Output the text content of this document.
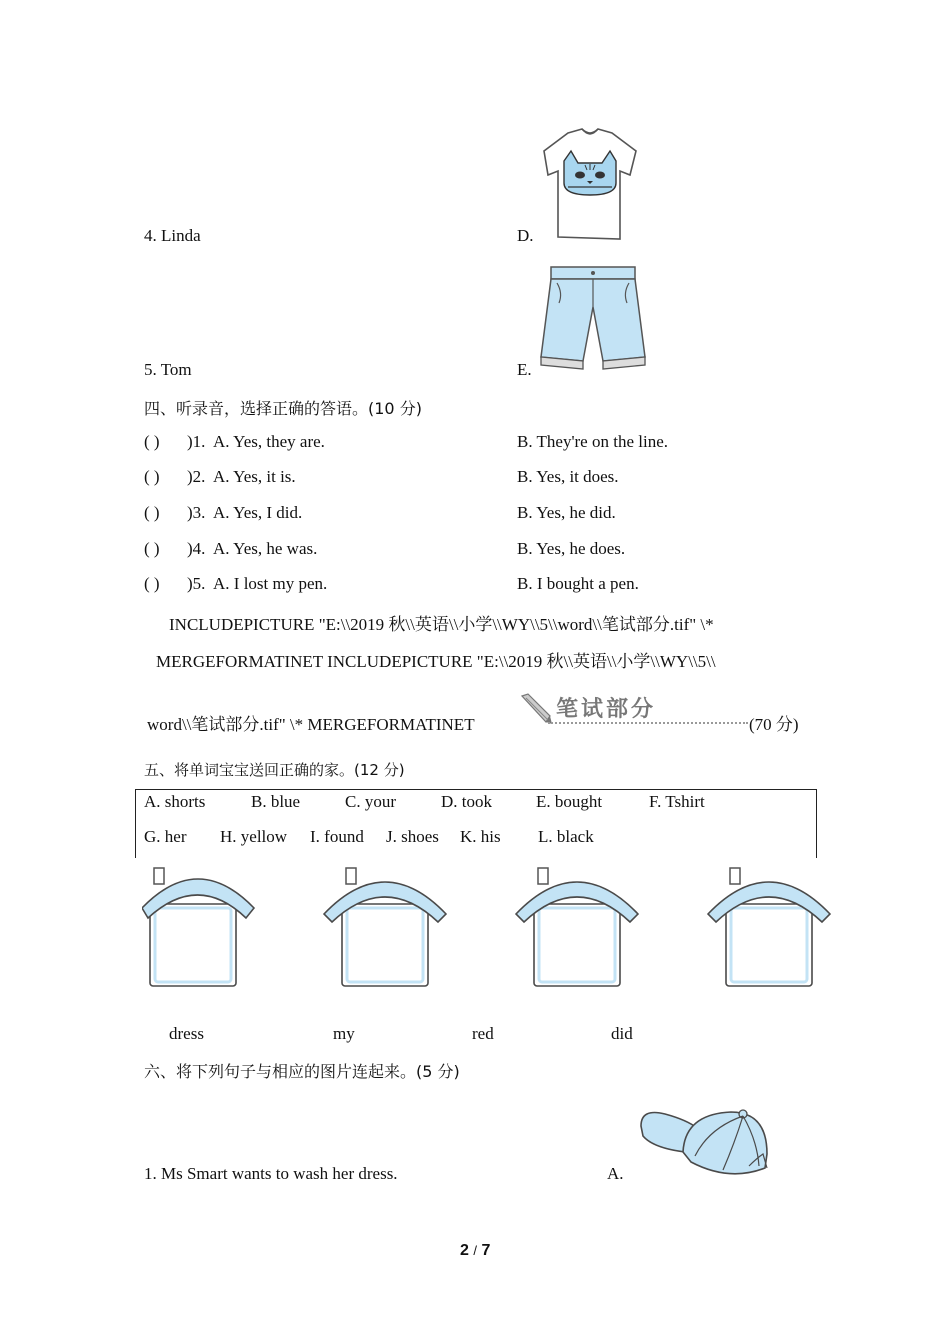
4. Linda	D.
5. Tom	E.
四、听录音，选择正确的答语。(10 分)
( ) )1. A. Yes, they are.	B. They're on the line.
( ) )2. A. Yes, it is.	B. Yes, it does.
( ) )3. A. Yes, I did.	B. Yes, he did.
( ) )4. A. Yes, he was.	B. Yes, he does.
( ) )5. A. I lost my pen.	B. I bought a pen.
INCLUDEPICTURE "E:\\2019 秋\\英语\\小学\\WY\\5\\word\\笔试部分.tif" \*
MERGEFORMATINET INCLUDEPICTURE "E:\\2019 秋\\英语\\小学\\WY\\5\\
word\\笔试部分.tif" \* MERGEFORMATINET
笔试部分
(70 分)
五、将单词宝宝送回正确的家。(12 分)
A. shorts	B. blue	C. your	D. took	E. bought	F. Tshirt
G. her H. yellow I. found J. shoes K. his L. black
dress	my	red	did
六、将下列句子与相应的图片连起来。(5 分)
1. Ms Smart wants to wash her dress.	A.
2 / 7
